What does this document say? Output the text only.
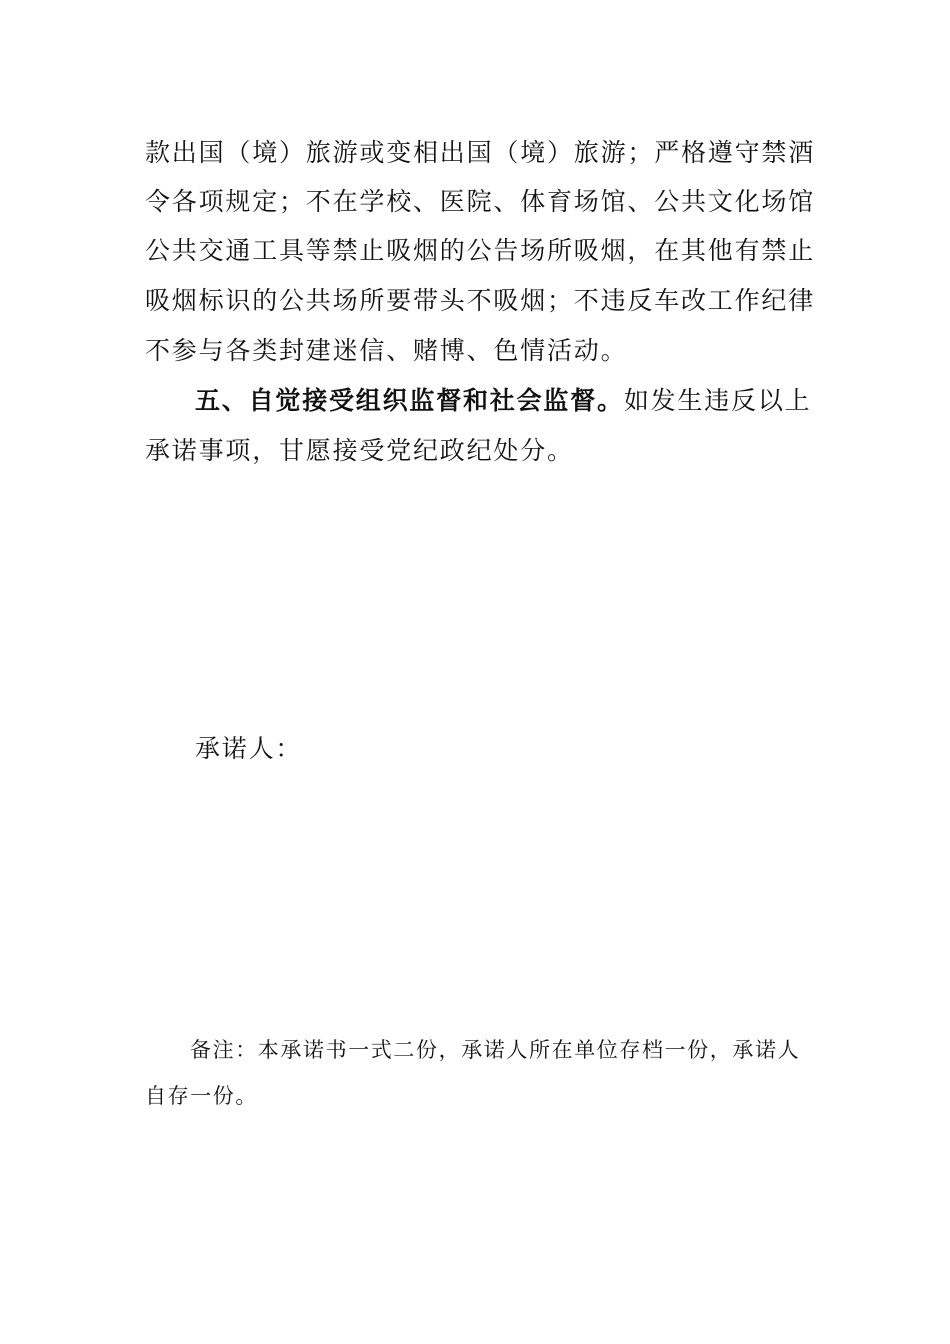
款出国（境）旅游或变相出国（境）旅游；严格遵守禁酒
令各项规定；不在学校、医院、体育场馆、公共文化场馆
公共交通工具等禁止吸烟的公告场所吸烟，在其他有禁止
吸烟标识的公共场所要带头不吸烟；不违反车改工作纪律
不参与各类封建迷信、赌博、色情活动。
五、自觉接受组织监督和社会监督。如发生违反以上
承诺事项，甘愿接受党纪政纪处分。
承诺人：
备注：本承诺书一式二份，承诺人所在单位存档一份，承诺人
自存一份。
